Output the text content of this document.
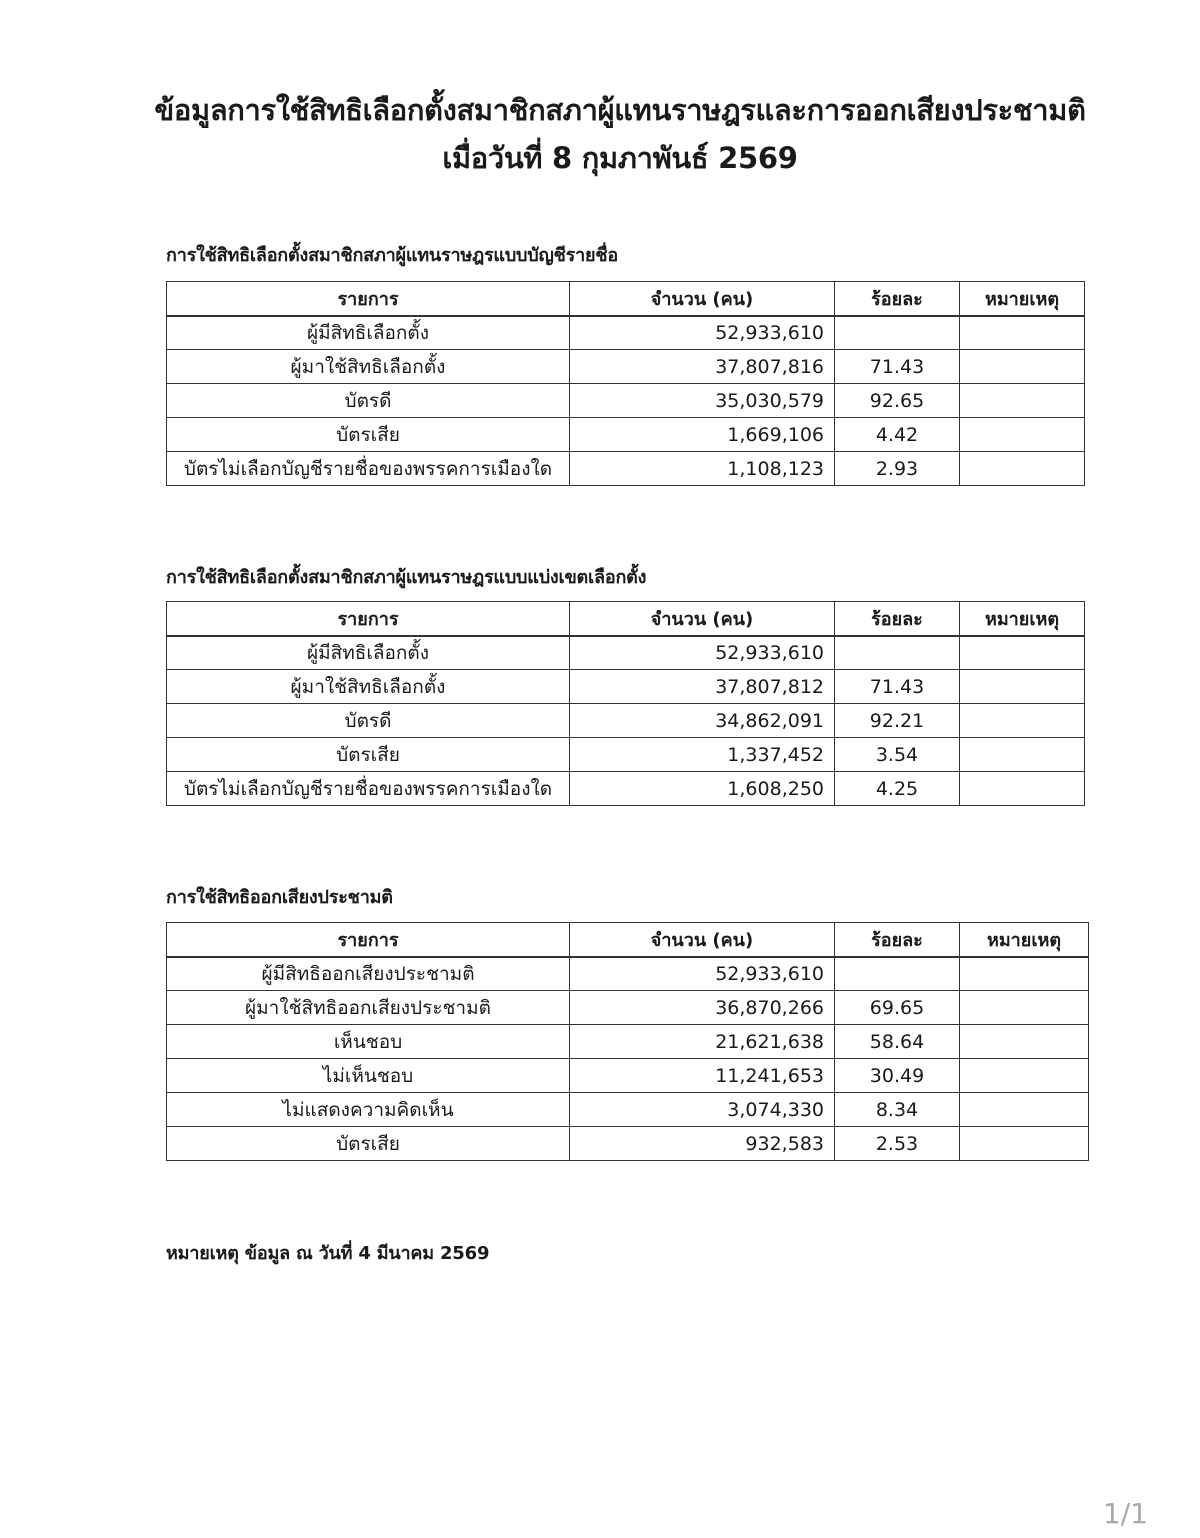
ข้อมูลการใช้สิทธิเลือกตั้งสมาชิกสภาผู้แทนราษฎรและการออกเสียงประชามติ
เมื่อวันที่ 8 กุมภาพันธ์ 2569
การใช้สิทธิเลือกตั้งสมาชิกสภาผู้แทนราษฎรแบบบัญชีรายชื่อ
รายการ	จำนวน (คน)	ร้อยละ	หมายเหตุ
ผู้มีสิทธิเลือกตั้ง	52,933,610		
ผู้มาใช้สิทธิเลือกตั้ง	37,807,816	71.43	
บัตรดี	35,030,579	92.65	
บัตรเสีย	1,669,106	4.42	
บัตรไม่เลือกบัญชีรายชื่อของพรรคการเมืองใด	1,108,123	2.93	
การใช้สิทธิเลือกตั้งสมาชิกสภาผู้แทนราษฎรแบบแบ่งเขตเลือกตั้ง
รายการ	จำนวน (คน)	ร้อยละ	หมายเหตุ
ผู้มีสิทธิเลือกตั้ง	52,933,610		
ผู้มาใช้สิทธิเลือกตั้ง	37,807,812	71.43	
บัตรดี	34,862,091	92.21	
บัตรเสีย	1,337,452	3.54	
บัตรไม่เลือกบัญชีรายชื่อของพรรคการเมืองใด	1,608,250	4.25	
การใช้สิทธิออกเสียงประชามติ
รายการ	จำนวน (คน)	ร้อยละ	หมายเหตุ
ผู้มีสิทธิออกเสียงประชามติ	52,933,610		
ผู้มาใช้สิทธิออกเสียงประชามติ	36,870,266	69.65	
เห็นชอบ	21,621,638	58.64	
ไม่เห็นชอบ	11,241,653	30.49	
ไม่แสดงความคิดเห็น	3,074,330	8.34	
บัตรเสีย	932,583	2.53	
หมายเหตุ ข้อมูล ณ วันที่ 4 มีนาคม 2569
1/1
